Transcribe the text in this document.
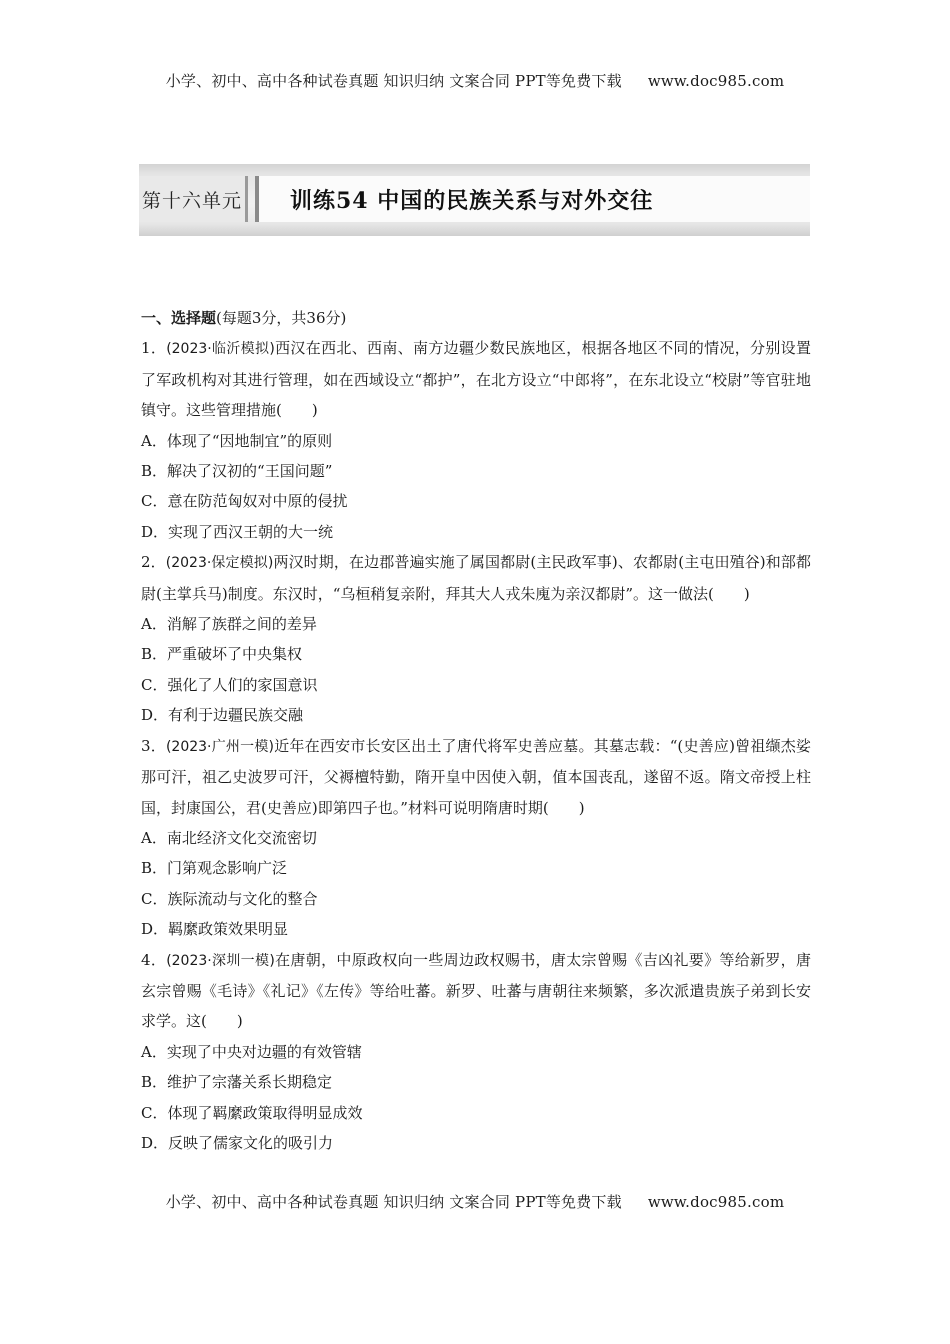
小学、初中、高中各种试卷真题 知识归纳 文案合同 PPT等免费下载 www.doc985.com
第十六单元 训练54 中国的民族关系与对外交往
一、选择题(每题3分，共36分)
1．(2023·临沂模拟)西汉在西北、西南、南方边疆少数民族地区，根据各地区不同的情况，分别设置了军政机构对其进行管理，如在西域设立“都护”，在北方设立“中郎将”，在东北设立“校尉”等官驻地镇守。这些管理措施(　　)
A．体现了“因地制宜”的原则
B．解决了汉初的“王国问题”
C．意在防范匈奴对中原的侵扰
D．实现了西汉王朝的大一统
2．(2023·保定模拟)两汉时期，在边郡普遍实施了属国都尉(主民政军事)、农都尉(主屯田殖谷)和部都尉(主掌兵马)制度。东汉时，“乌桓稍复亲附，拜其大人戎朱廆为亲汉都尉”。这一做法(　　)
A．消解了族群之间的差异
B．严重破坏了中央集权
C．强化了人们的家国意识
D．有利于边疆民族交融
3．(2023·广州一模)近年在西安市长安区出土了唐代将军史善应墓。其墓志载：“(史善应)曾祖缬杰娑那可汗，祖乙史波罗可汗，父褥檀特勤，隋开皇中因使入朝，值本国丧乱，遂留不返。隋文帝授上柱国，封康国公，君(史善应)即第四子也。”材料可说明隋唐时期(　　)
A．南北经济文化交流密切
B．门第观念影响广泛
C．族际流动与文化的整合
D．羁縻政策效果明显
4．(2023·深圳一模)在唐朝，中原政权向一些周边政权赐书，唐太宗曾赐《吉凶礼要》等给新罗，唐玄宗曾赐《毛诗》《礼记》《左传》等给吐蕃。新罗、吐蕃与唐朝往来频繁，多次派遣贵族子弟到长安求学。这(　　)
A．实现了中央对边疆的有效管辖
B．维护了宗藩关系长期稳定
C．体现了羁縻政策取得明显成效
D．反映了儒家文化的吸引力
小学、初中、高中各种试卷真题 知识归纳 文案合同 PPT等免费下载 www.doc985.com
